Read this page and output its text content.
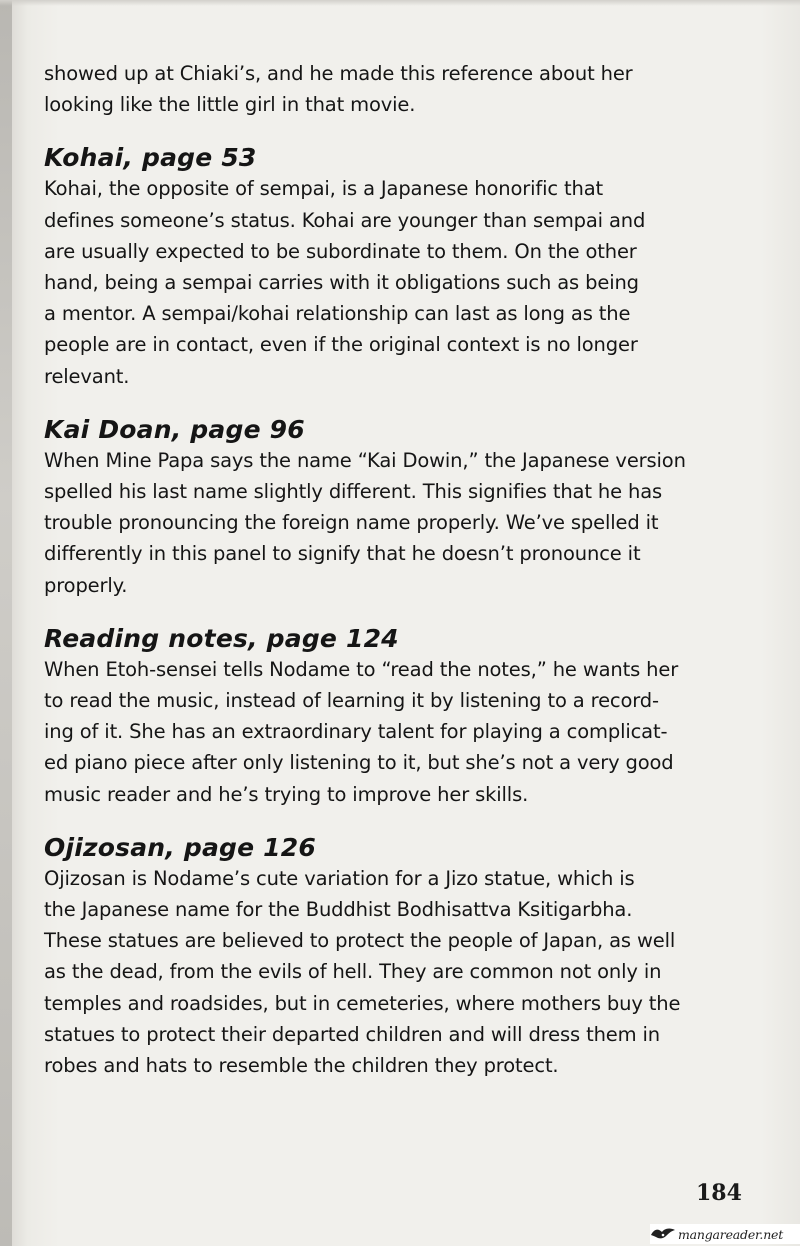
showed up at Chiaki’s, and he made this reference about her

looking like the little girl in that movie.

Kohai, page 53

Kohai, the opposite of sempai, is a Japanese honorific that

defines someone’s status. Kohai are younger than sempai and

are usually expected to be subordinate to them. On the other

hand, being a sempai carries with it obligations such as being

a mentor. A sempai/kohai relationship can last as long as the

people are in contact, even if the original context is no longer

relevant.

Kai Doan, page 96

When Mine Papa says the name “Kai Dowin,” the Japanese version

spelled his last name slightly different. This signifies that he has

trouble pronouncing the foreign name properly. We’ve spelled it

differently in this panel to signify that he doesn’t pronounce it

properly.

Reading notes, page 124

When Etoh-sensei tells Nodame to “read the notes,” he wants her

to read the music, instead of learning it by listening to a record-

ing of it. She has an extraordinary talent for playing a complicat-

ed piano piece after only listening to it, but she’s not a very good

music reader and he’s trying to improve her skills.

Ojizosan, page 126

Ojizosan is Nodame’s cute variation for a Jizo statue, which is

the Japanese name for the Buddhist Bodhisattva Ksitigarbha.

These statues are believed to protect the people of Japan, as well

as the dead, from the evils of hell. They are common not only in

temples and roadsides, but in cemeteries, where mothers buy the

statues to protect their departed children and will dress them in

robes and hats to resemble the children they protect.

184
mangareader.net
